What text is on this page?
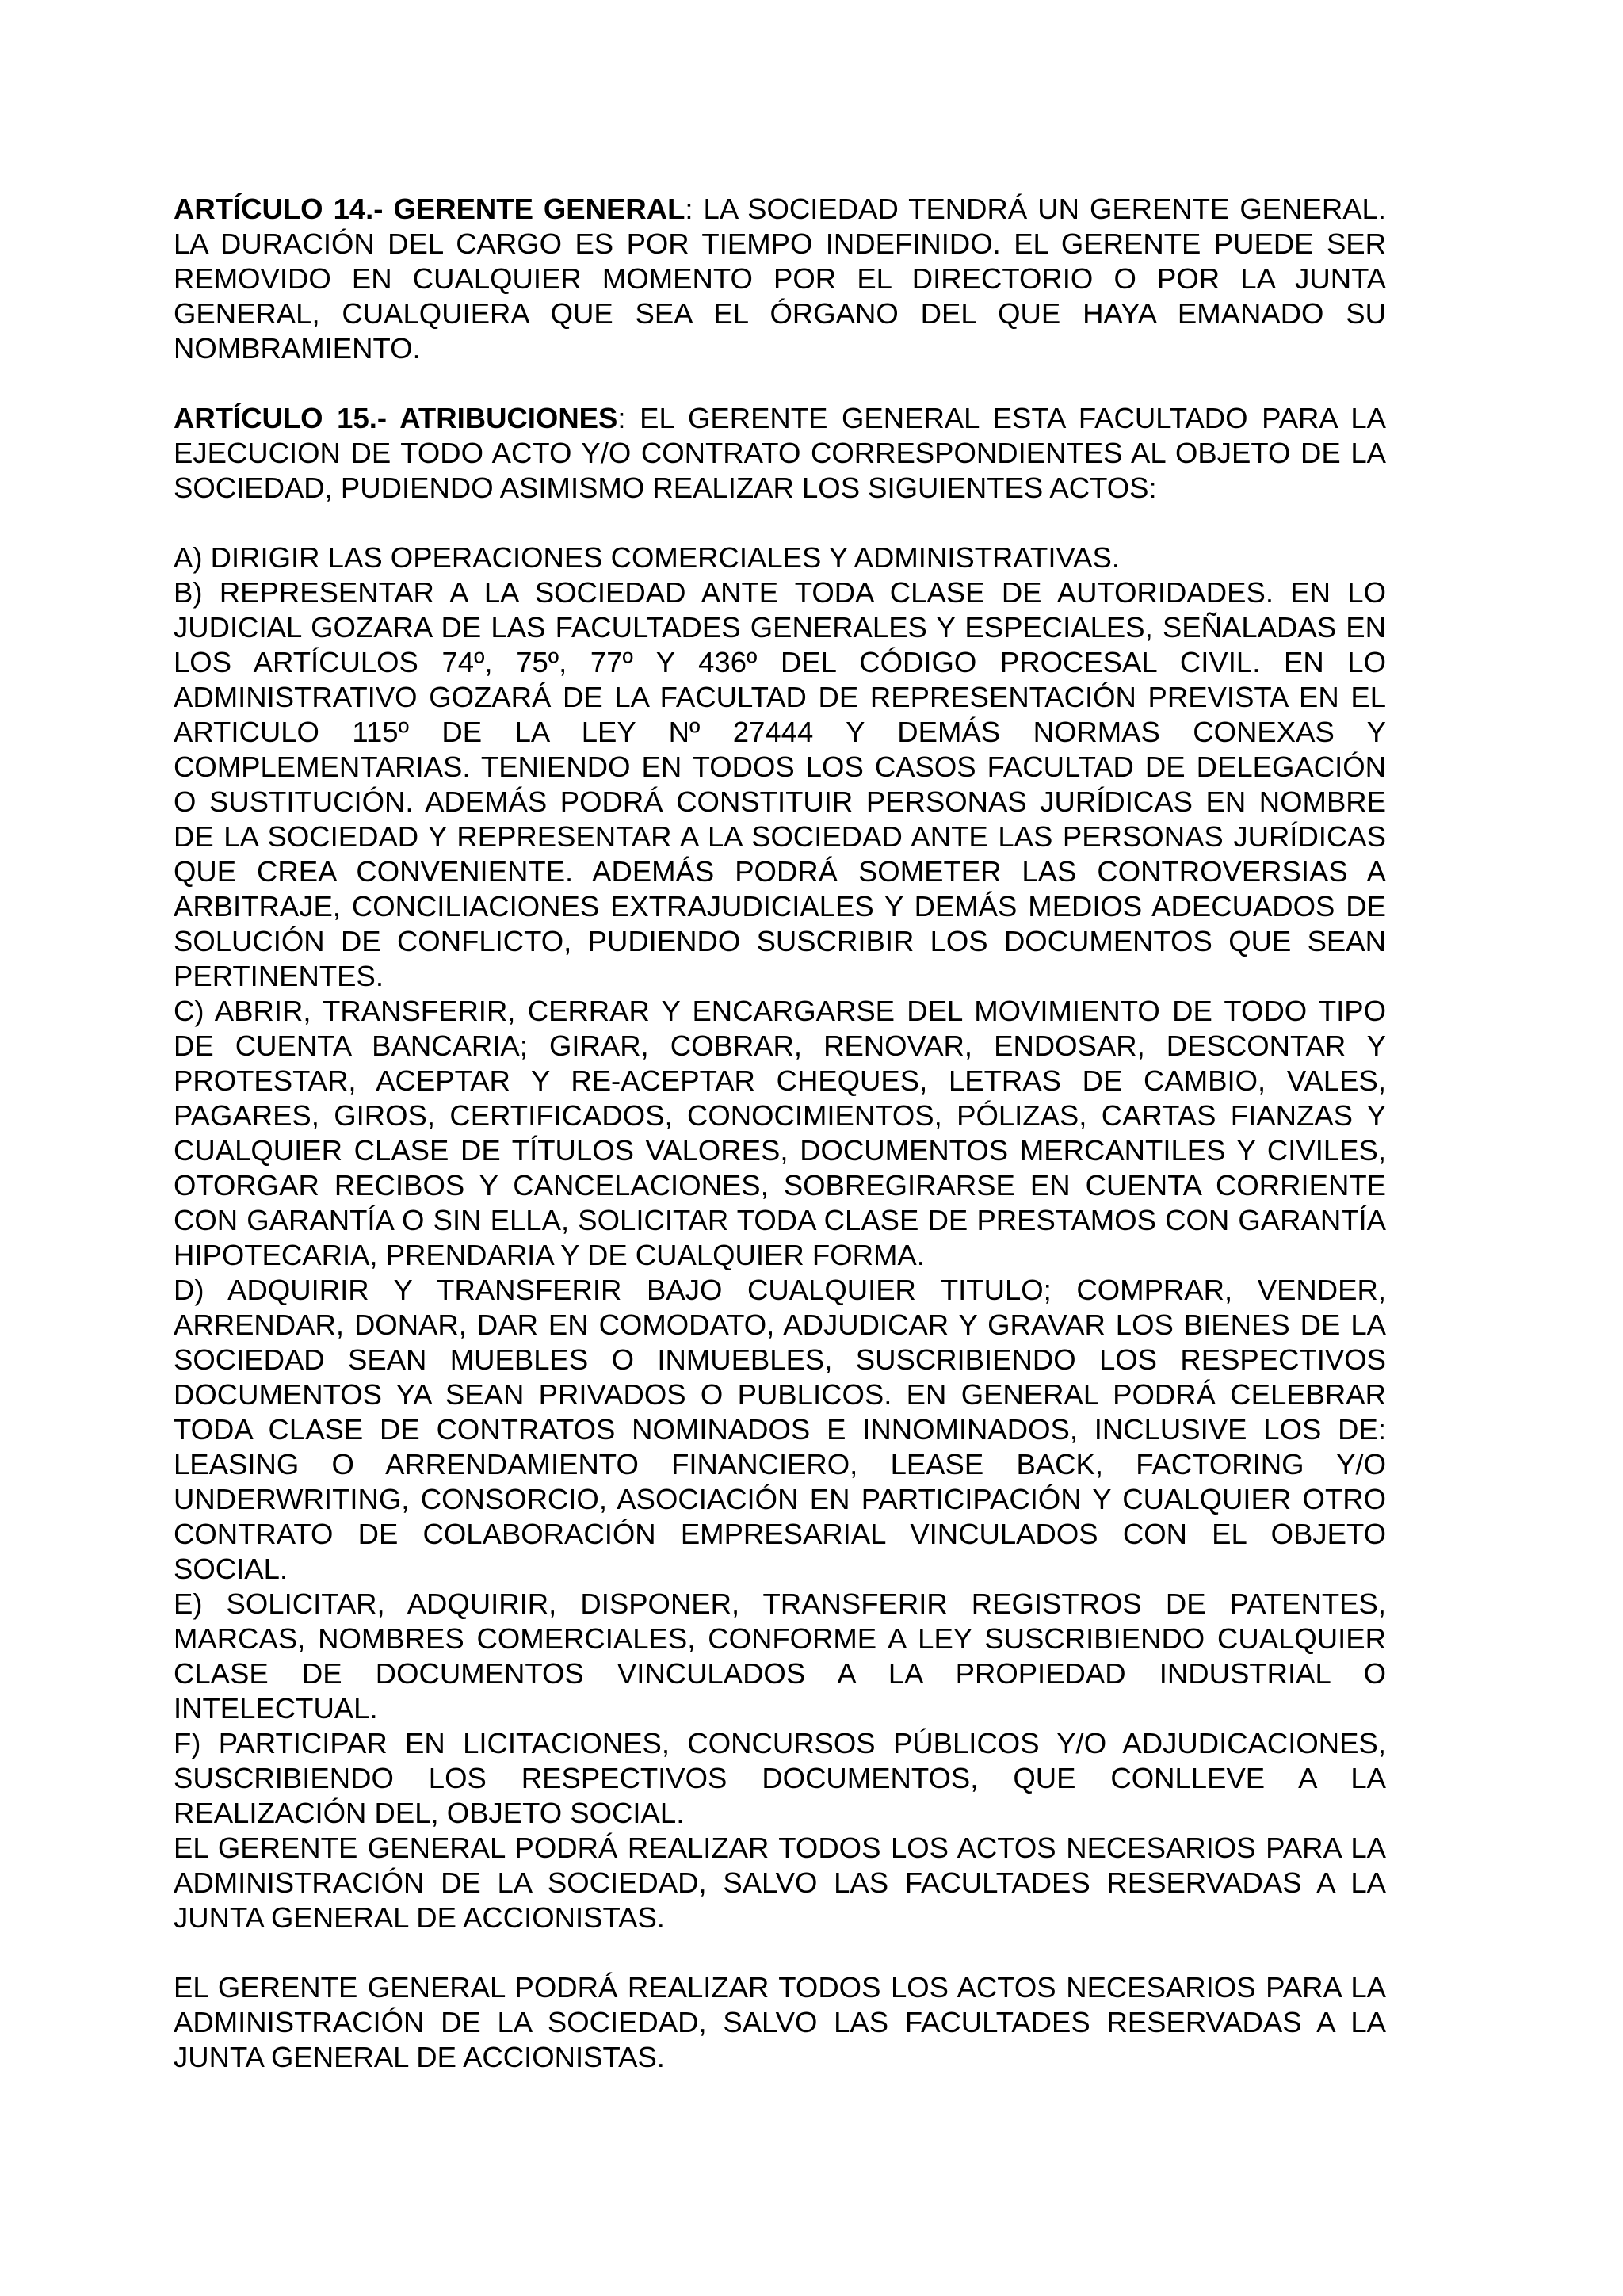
ARTÍCULO 14.- GERENTE GENERAL: LA SOCIEDAD TENDRÁ UN GERENTE GENERAL. LA DURACIÓN DEL CARGO ES POR TIEMPO INDEFINIDO. EL GERENTE PUEDE SER REMOVIDO EN CUALQUIER MOMENTO POR EL DIRECTORIO O POR LA JUNTA GENERAL, CUALQUIERA QUE SEA EL ÓRGANO DEL QUE HAYA EMANADO SU NOMBRAMIENTO.

ARTÍCULO 15.- ATRIBUCIONES: EL GERENTE GENERAL ESTA FACULTADO PARA LA EJECUCION DE TODO ACTO Y/O CONTRATO CORRESPONDIENTES AL OBJETO DE LA SOCIEDAD, PUDIENDO ASIMISMO REALIZAR LOS SIGUIENTES ACTOS:

A) DIRIGIR LAS OPERACIONES COMERCIALES Y ADMINISTRATIVAS.

B) REPRESENTAR A LA SOCIEDAD ANTE TODA CLASE DE AUTORIDADES. EN LO JUDICIAL GOZARA DE LAS FACULTADES GENERALES Y ESPECIALES, SEÑALADAS EN LOS ARTÍCULOS 74º, 75º, 77º Y 436º DEL CÓDIGO PROCESAL CIVIL. EN LO ADMINISTRATIVO GOZARÁ DE LA FACULTAD DE REPRESENTACIÓN PREVISTA EN EL ARTICULO 115º DE LA LEY Nº 27444 Y DEMÁS NORMAS CONEXAS Y COMPLEMENTARIAS. TENIENDO EN TODOS LOS CASOS FACULTAD DE DELEGACIÓN O SUSTITUCIÓN. ADEMÁS PODRÁ CONSTITUIR PERSONAS JURÍDICAS EN NOMBRE DE LA SOCIEDAD Y REPRESENTAR A LA SOCIEDAD ANTE LAS PERSONAS JURÍDICAS QUE CREA CONVENIENTE. ADEMÁS PODRÁ SOMETER LAS CONTROVERSIAS A ARBITRAJE, CONCILIACIONES EXTRAJUDICIALES Y DEMÁS MEDIOS ADECUADOS DE SOLUCIÓN DE CONFLICTO, PUDIENDO SUSCRIBIR LOS DOCUMENTOS QUE SEAN PERTINENTES.

C) ABRIR, TRANSFERIR, CERRAR Y ENCARGARSE DEL MOVIMIENTO DE TODO TIPO DE CUENTA BANCARIA; GIRAR, COBRAR, RENOVAR, ENDOSAR, DESCONTAR Y PROTESTAR, ACEPTAR Y RE-ACEPTAR CHEQUES, LETRAS DE CAMBIO, VALES, PAGARES, GIROS, CERTIFICADOS, CONOCIMIENTOS, PÓLIZAS, CARTAS FIANZAS Y CUALQUIER CLASE DE TÍTULOS VALORES, DOCUMENTOS MERCANTILES Y CIVILES, OTORGAR RECIBOS Y CANCELACIONES, SOBREGIRARSE EN CUENTA CORRIENTE CON GARANTÍA O SIN ELLA, SOLICITAR TODA CLASE DE PRESTAMOS CON GARANTÍA HIPOTECARIA, PRENDARIA Y DE CUALQUIER FORMA.

D) ADQUIRIR Y TRANSFERIR BAJO CUALQUIER TITULO; COMPRAR, VENDER, ARRENDAR, DONAR, DAR EN COMODATO, ADJUDICAR Y GRAVAR LOS BIENES DE LA SOCIEDAD SEAN MUEBLES O INMUEBLES, SUSCRIBIENDO LOS RESPECTIVOS DOCUMENTOS YA SEAN PRIVADOS O PUBLICOS. EN GENERAL PODRÁ CELEBRAR TODA CLASE DE CONTRATOS NOMINADOS E INNOMINADOS, INCLUSIVE LOS DE: LEASING O ARRENDAMIENTO FINANCIERO, LEASE BACK, FACTORING Y/O UNDERWRITING, CONSORCIO, ASOCIACIÓN EN PARTICIPACIÓN Y CUALQUIER OTRO CONTRATO DE COLABORACIÓN EMPRESARIAL VINCULADOS CON EL OBJETO SOCIAL.

E) SOLICITAR, ADQUIRIR, DISPONER, TRANSFERIR REGISTROS DE PATENTES, MARCAS, NOMBRES COMERCIALES, CONFORME A LEY SUSCRIBIENDO CUALQUIER CLASE DE DOCUMENTOS VINCULADOS A LA PROPIEDAD INDUSTRIAL O INTELECTUAL.

F) PARTICIPAR EN LICITACIONES, CONCURSOS PÚBLICOS Y/O ADJUDICACIONES, SUSCRIBIENDO LOS RESPECTIVOS DOCUMENTOS, QUE CONLLEVE A LA REALIZACIÓN DEL, OBJETO SOCIAL.

EL GERENTE GENERAL PODRÁ REALIZAR TODOS LOS ACTOS NECESARIOS PARA LA ADMINISTRACIÓN DE LA SOCIEDAD, SALVO LAS FACULTADES RESERVADAS A LA JUNTA GENERAL DE ACCIONISTAS.

EL GERENTE GENERAL PODRÁ REALIZAR TODOS LOS ACTOS NECESARIOS PARA LA ADMINISTRACIÓN DE LA SOCIEDAD, SALVO LAS FACULTADES RESERVADAS A LA JUNTA GENERAL DE ACCIONISTAS.
